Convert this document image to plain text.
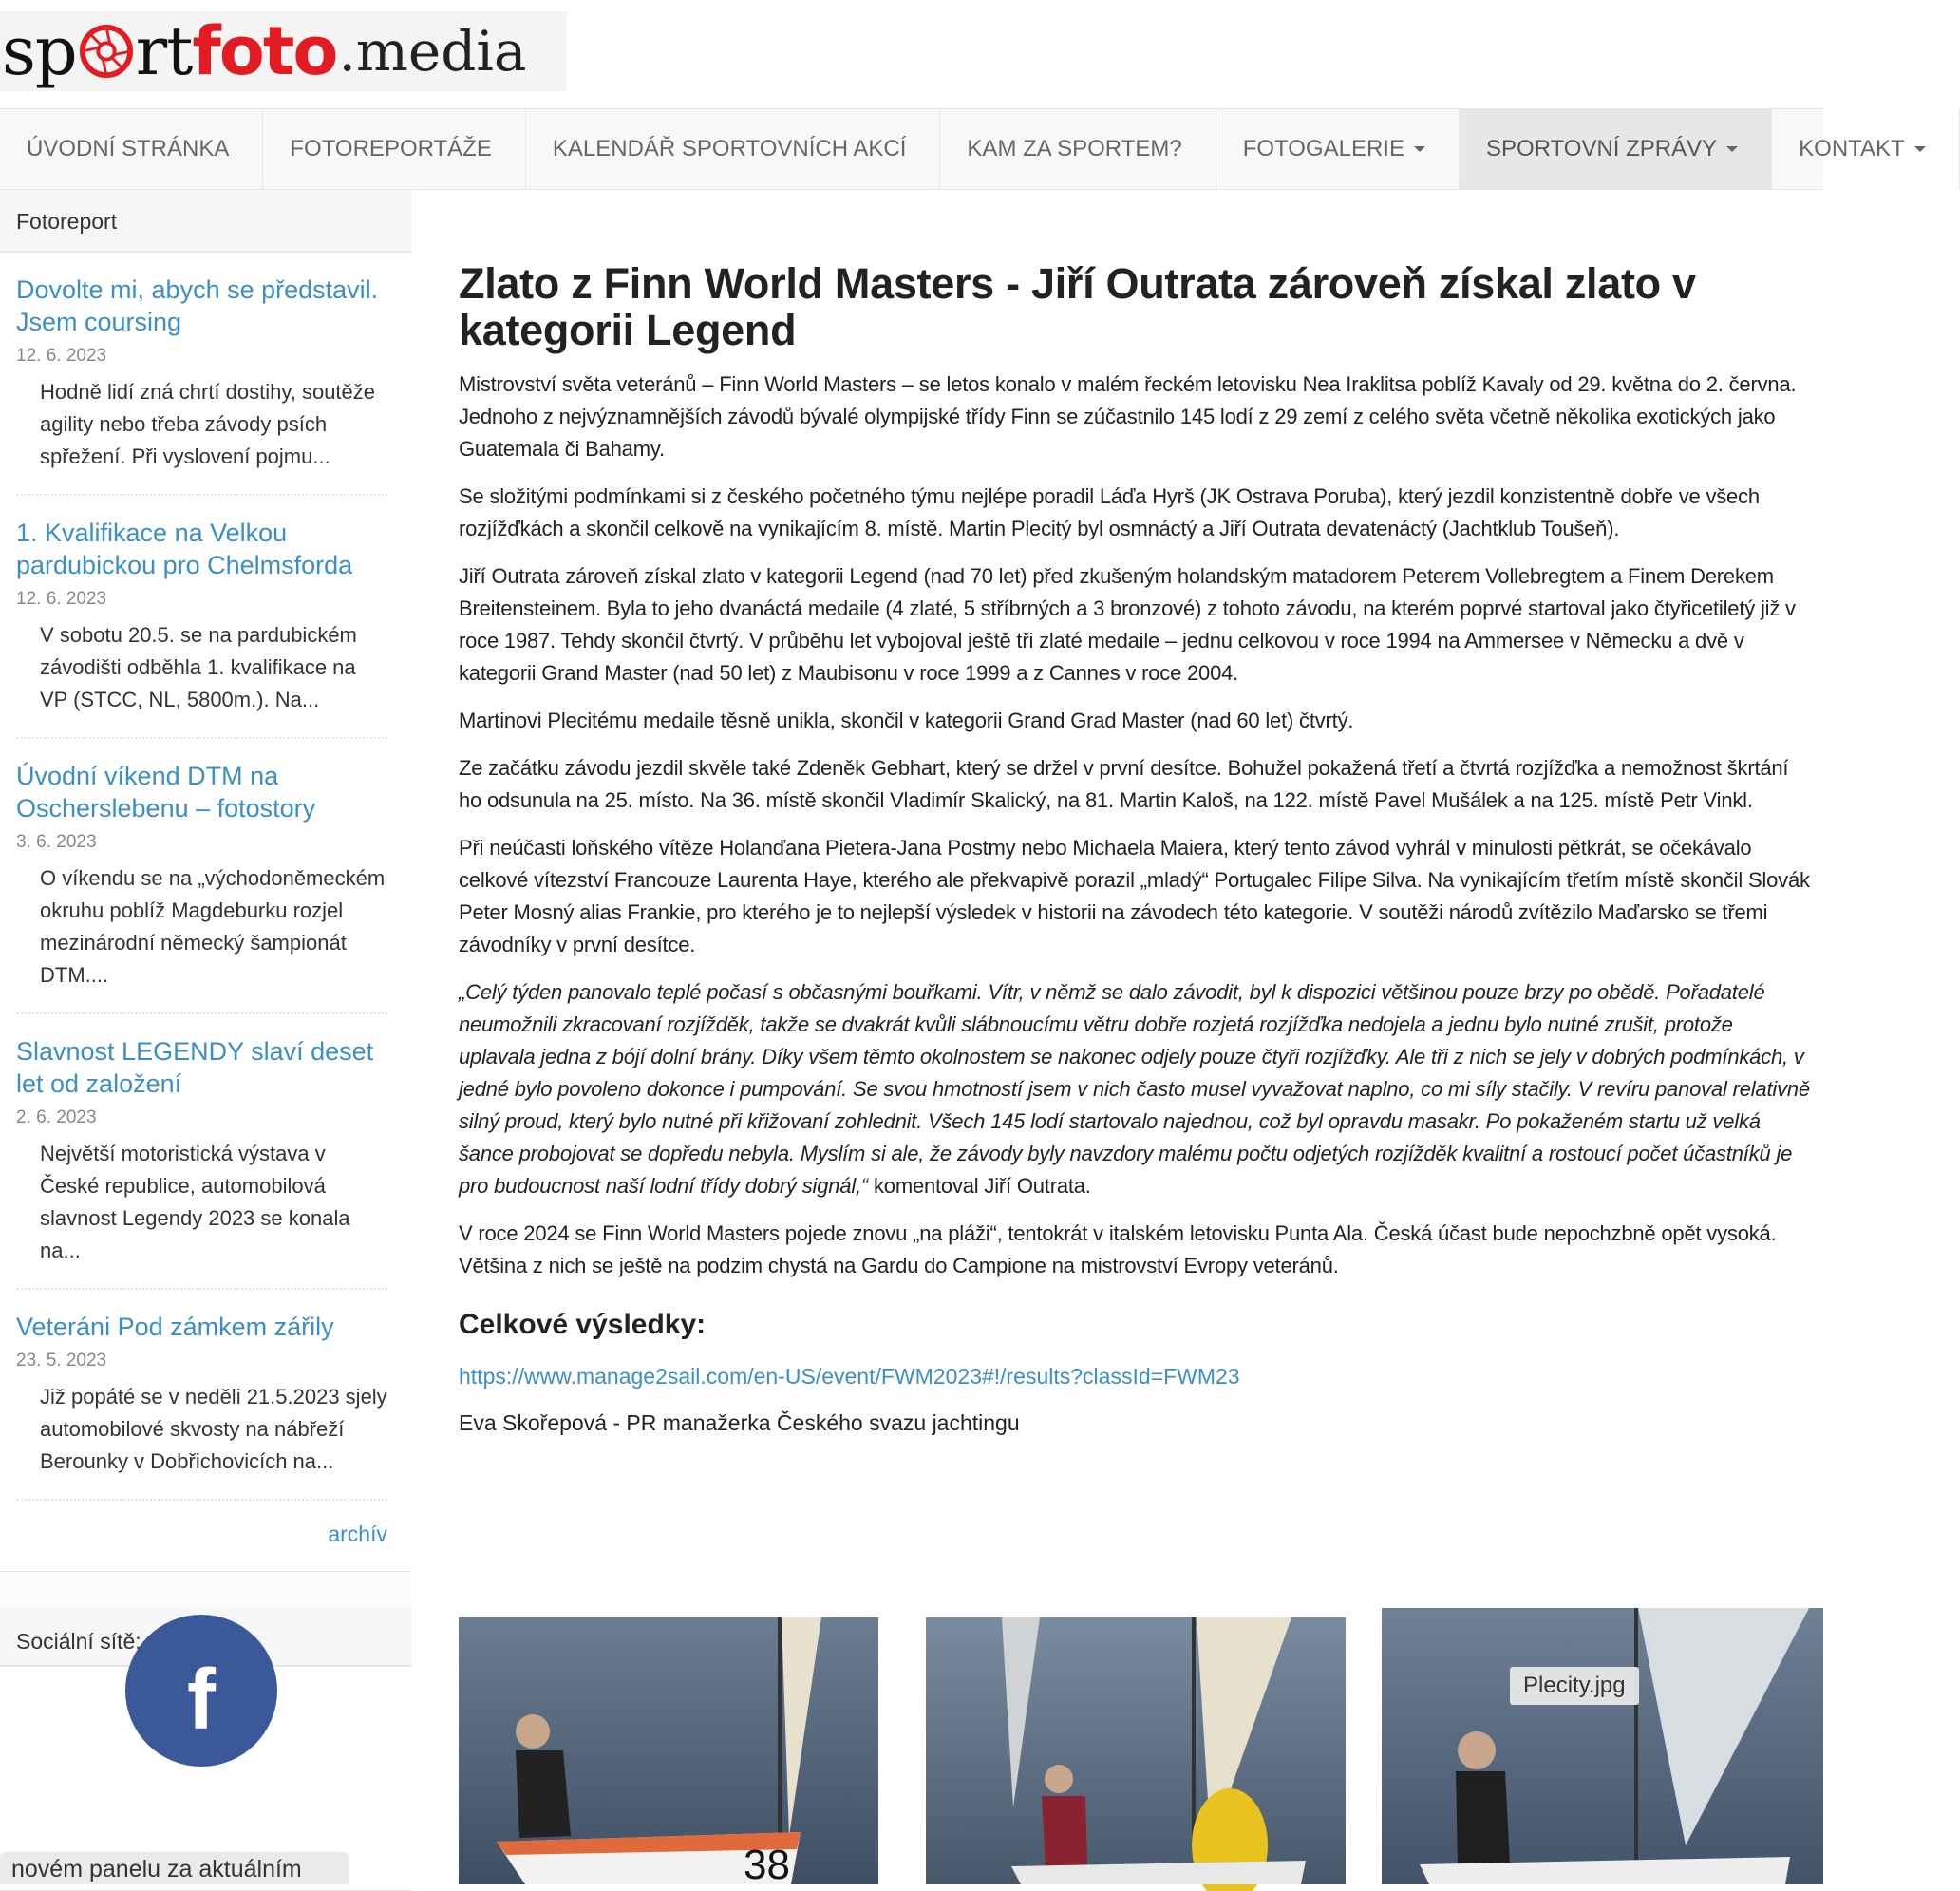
sp rt foto .media
ÚVODNÍ STRÁNKA	FOTOREPORTÁŽE	KALENDÁŘ SPORTOVNÍCH AKCÍ	KAM ZA SPORTEM?	FOTOGALERIE	SPORTOVNÍ ZPRÁVY	KONTAKT
Fotoreport
Dovolte mi, abych se představil. Jsem coursing
12. 6. 2023
Hodně lidí zná chrtí dostihy, soutěže agility nebo třeba závody psích spřežení. Při vyslovení pojmu...
1. Kvalifikace na Velkou pardubickou pro Chelmsforda
12. 6. 2023
V sobotu 20.5. se na pardubickém závodišti odběhla 1. kvalifikace na VP (STCC, NL, 5800m.). Na...
Úvodní víkend DTM na Oscherslebenu – fotostory
3. 6. 2023
O víkendu se na „východoněmeckém okruhu poblíž Magdeburku rozjel mezinárodní německý šampionát DTM....
Slavnost LEGENDY slaví deset let od založení
2. 6. 2023
Největší motoristická výstava v České republice, automobilová slavnost Legendy 2023 se konala na...
Veteráni Pod zámkem zářily
23. 5. 2023
Již popáté se v neděli 21.5.2023 sjely automobilové skvosty na nábřeží Berounky v Dobřichovicích na...
archív
Sociální sítě:
f
novém panelu za aktuálním
Zlato z Finn World Masters - Jiří Outrata zároveň získal zlato v kategorii Legend

Mistrovství světa veteránů – Finn World Masters – se letos konalo v malém řeckém letovisku Nea Iraklitsa poblíž Kavaly od 29. května do 2. června. Jednoho z nejvýznamnějších závodů bývalé olympijské třídy Finn se zúčastnilo 145 lodí z 29 zemí z celého světa včetně několika exotických jako Guatemala či Bahamy.

Se složitými podmínkami si z českého početného týmu nejlépe poradil Láďa Hyrš (JK Ostrava Poruba), který jezdil konzistentně dobře ve všech rozjížďkách a skončil celkově na vynikajícím 8. místě. Martin Plecitý byl osmnáctý a Jiří Outrata devatenáctý (Jachtklub Toušeň).

Jiří Outrata zároveň získal zlato v kategorii Legend (nad 70 let) před zkušeným holandským matadorem Peterem Vollebregtem a Finem Derekem Breitensteinem. Byla to jeho dvanáctá medaile (4 zlaté, 5 stříbrných a 3 bronzové) z tohoto závodu, na kterém poprvé startoval jako čtyřicetiletý již v roce 1987. Tehdy skončil čtvrtý. V průběhu let vybojoval ještě tři zlaté medaile – jednu celkovou v roce 1994 na Ammersee v Německu a dvě v kategorii Grand Master (nad 50 let) z Maubisonu v roce 1999 a z Cannes v roce 2004.

Martinovi Plecitému medaile těsně unikla, skončil v kategorii Grand Grad Master (nad 60 let) čtvrtý.

Ze začátku závodu jezdil skvěle také Zdeněk Gebhart, který se držel v první desítce. Bohužel pokažená třetí a čtvrtá rozjížďka a nemožnost škrtání ho odsunula na 25. místo. Na 36. místě skončil Vladimír Skalický, na 81. Martin Kaloš, na 122. místě Pavel Mušálek a na 125. místě Petr Vinkl.

Při neúčasti loňského vítěze Holanďana Pietera-Jana Postmy nebo Michaela Maiera, který tento závod vyhrál v minulosti pětkrát, se očekávalo celkové vítezství Francouze Laurenta Haye, kterého ale překvapivě porazil „mladý“ Portugalec Filipe Silva. Na vynikajícím třetím místě skončil Slovák Peter Mosný alias Frankie, pro kterého je to nejlepší výsledek v historii na závodech této kategorie. V soutěži národů zvítězilo Maďarsko se třemi závodníky v první desítce.

„Celý týden panovalo teplé počasí s občasnými bouřkami. Vítr, v němž se dalo závodit, byl k dispozici většinou pouze brzy po obědě. Pořadatelé neumožnili zkracovaní rozjížděk, takže se dvakrát kvůli slábnoucímu větru dobře rozjetá rozjížďka nedojela a jednu bylo nutné zrušit, protože uplavala jedna z bójí dolní brány. Díky všem těmto okolnostem se nakonec odjely pouze čtyři rozjížďky. Ale tři z nich se jely v dobrých podmínkách, v jedné bylo povoleno dokonce i pumpování. Se svou hmotností jsem v nich často musel vyvažovat naplno, co mi síly stačily. V revíru panoval relativně silný proud, který bylo nutné při křižovaní zohlednit. Všech 145 lodí startovalo najednou, což byl opravdu masakr. Po pokaženém startu už velká šance probojovat se dopředu nebyla. Myslím si ale, že závody byly navzdory malému počtu odjetých rozjížděk kvalitní a rostoucí počet účastníků je pro budoucnost naší lodní třídy dobrý signál,“ komentoval Jiří Outrata.

V roce 2024 se Finn World Masters pojede znovu „na pláži“, tentokrát v italském letovisku Punta Ala. Česká účast bude nepochzbně opět vysoká. Většina z nich se ještě na podzim chystá na Gardu do Campione na mistrovství Evropy veteránů.

Celkové výsledky:
https://www.manage2sail.com/en-US/event/FWM2023#!/results?classId=FWM23
Eva Skořepová - PR manažerka Českého svazu jachtingu
38
Plecity.jpg
